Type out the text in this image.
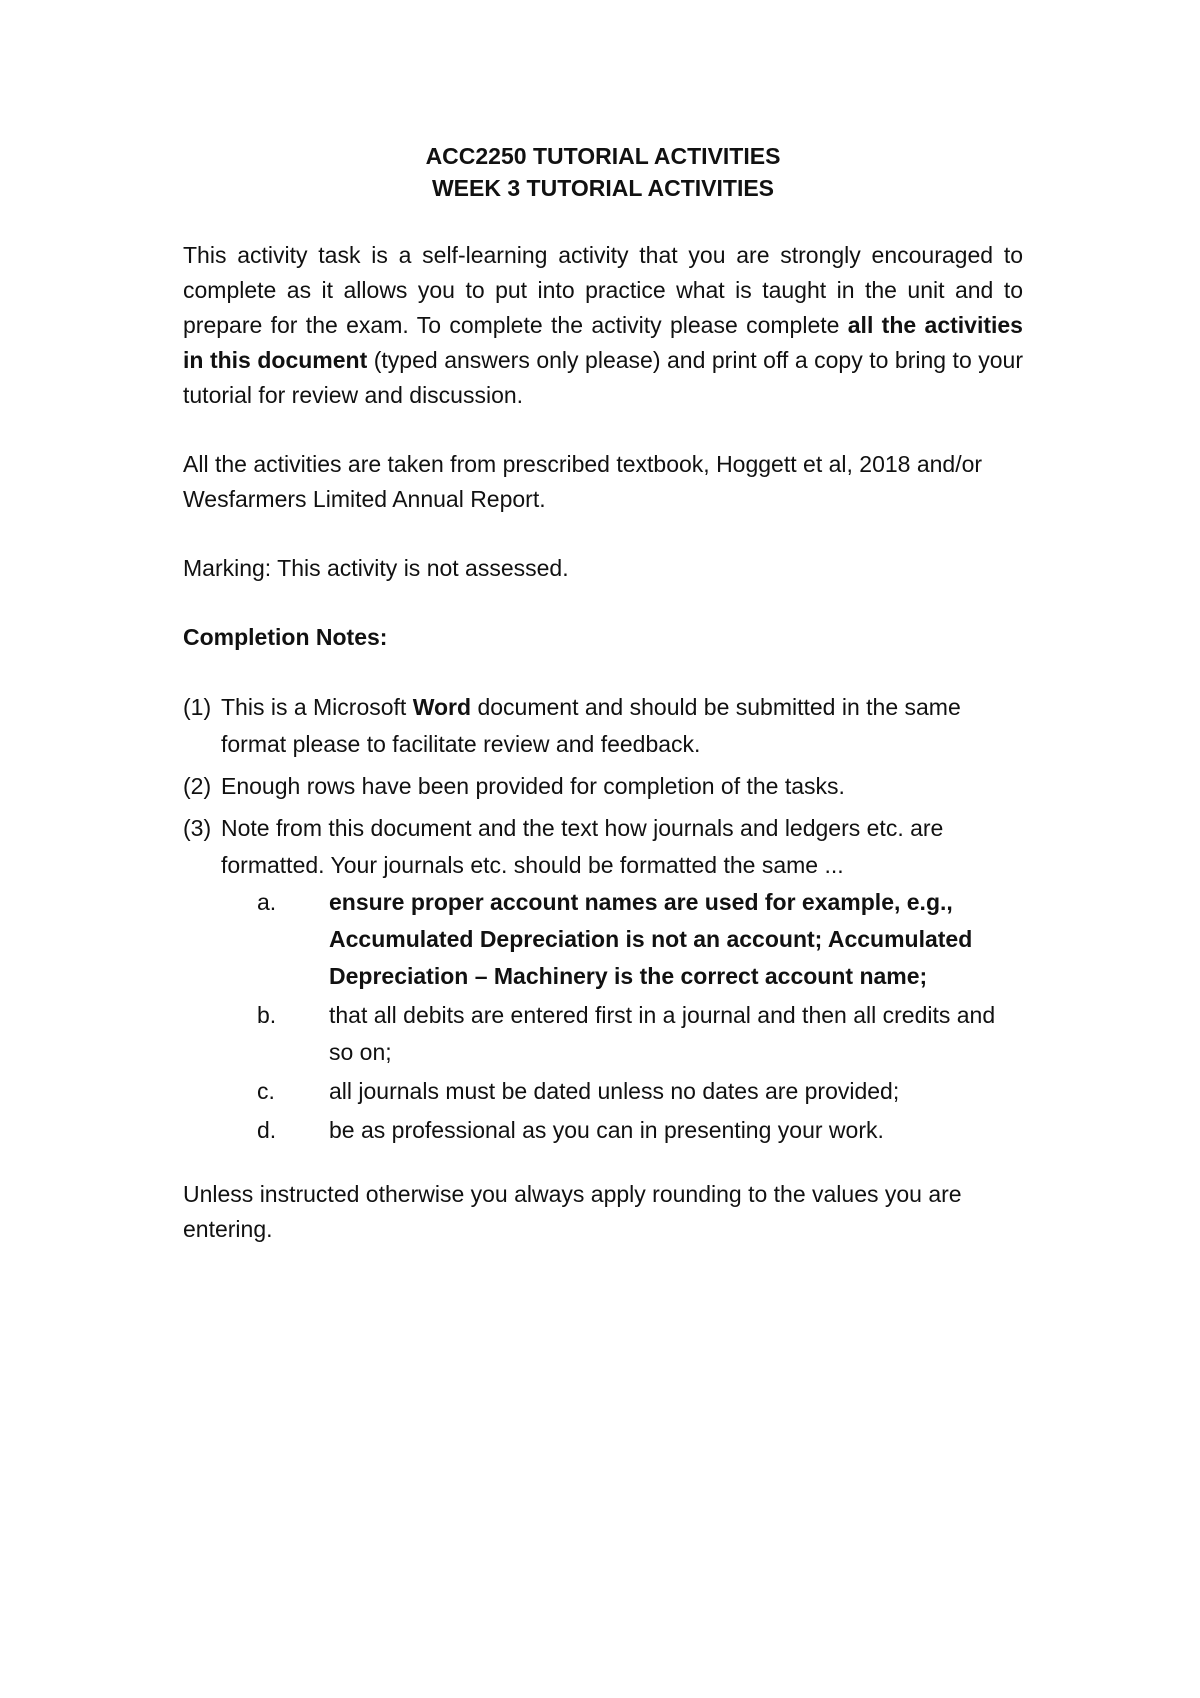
ACC2250 TUTORIAL ACTIVITIES

WEEK 3 TUTORIAL ACTIVITIES

This activity task is a self-learning activity that you are strongly encouraged to complete as it allows you to put into practice what is taught in the unit and to prepare for the exam. To complete the activity please complete all the activities in this document (typed answers only please) and print off a copy to bring to your tutorial for review and discussion.

All the activities are taken from prescribed textbook, Hoggett et al, 2018 and/or Wesfarmers Limited Annual Report.

Marking: This activity is not assessed.

Completion Notes:

(1) This is a Microsoft Word document and should be submitted in the same format please to facilitate review and feedback.
(2) Enough rows have been provided for completion of the tasks.
(3) Note from this document and the text how journals and ledgers etc. are formatted. Your journals etc. should be formatted the same ...
a. ensure proper account names are used for example, e.g., Accumulated Depreciation is not an account; Accumulated Depreciation – Machinery is the correct account name;
b. that all debits are entered first in a journal and then all credits and so on;
c. all journals must be dated unless no dates are provided;
d. be as professional as you can in presenting your work.

Unless instructed otherwise you always apply rounding to the values you are entering.
